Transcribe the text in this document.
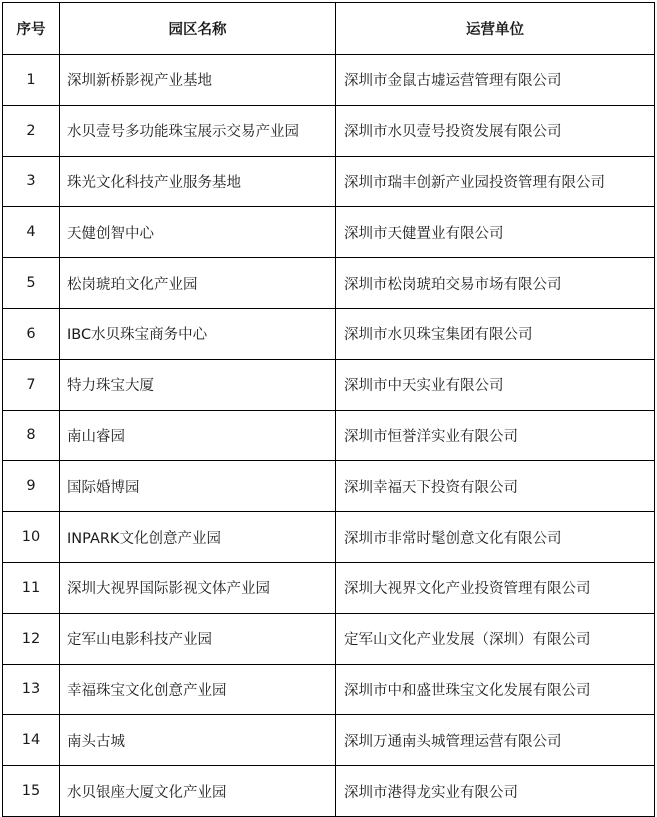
序号	园区名称	运营单位
1	深圳新桥影视产业基地	深圳市金鼠古墟运营管理有限公司
2	水贝壹号多功能珠宝展示交易产业园	深圳市水贝壹号投资发展有限公司
3	珠光文化科技产业服务基地	深圳市瑞丰创新产业园投资管理有限公司
4	天健创智中心	深圳市天健置业有限公司
5	松岗琥珀文化产业园	深圳市松岗琥珀交易市场有限公司
6	IBC水贝珠宝商务中心	深圳市水贝珠宝集团有限公司
7	特力珠宝大厦	深圳市中天实业有限公司
8	南山睿园	深圳市恒誉洋实业有限公司
9	国际婚博园	深圳幸福天下投资有限公司
10	INPARK文化创意产业园	深圳市非常时髦创意文化有限公司
11	深圳大视界国际影视文体产业园	深圳大视界文化产业投资管理有限公司
12	定军山电影科技产业园	定军山文化产业发展（深圳）有限公司
13	幸福珠宝文化创意产业园	深圳市中和盛世珠宝文化发展有限公司
14	南头古城	深圳万通南头城管理运营有限公司
15	水贝银座大厦文化产业园	深圳市港得龙实业有限公司
